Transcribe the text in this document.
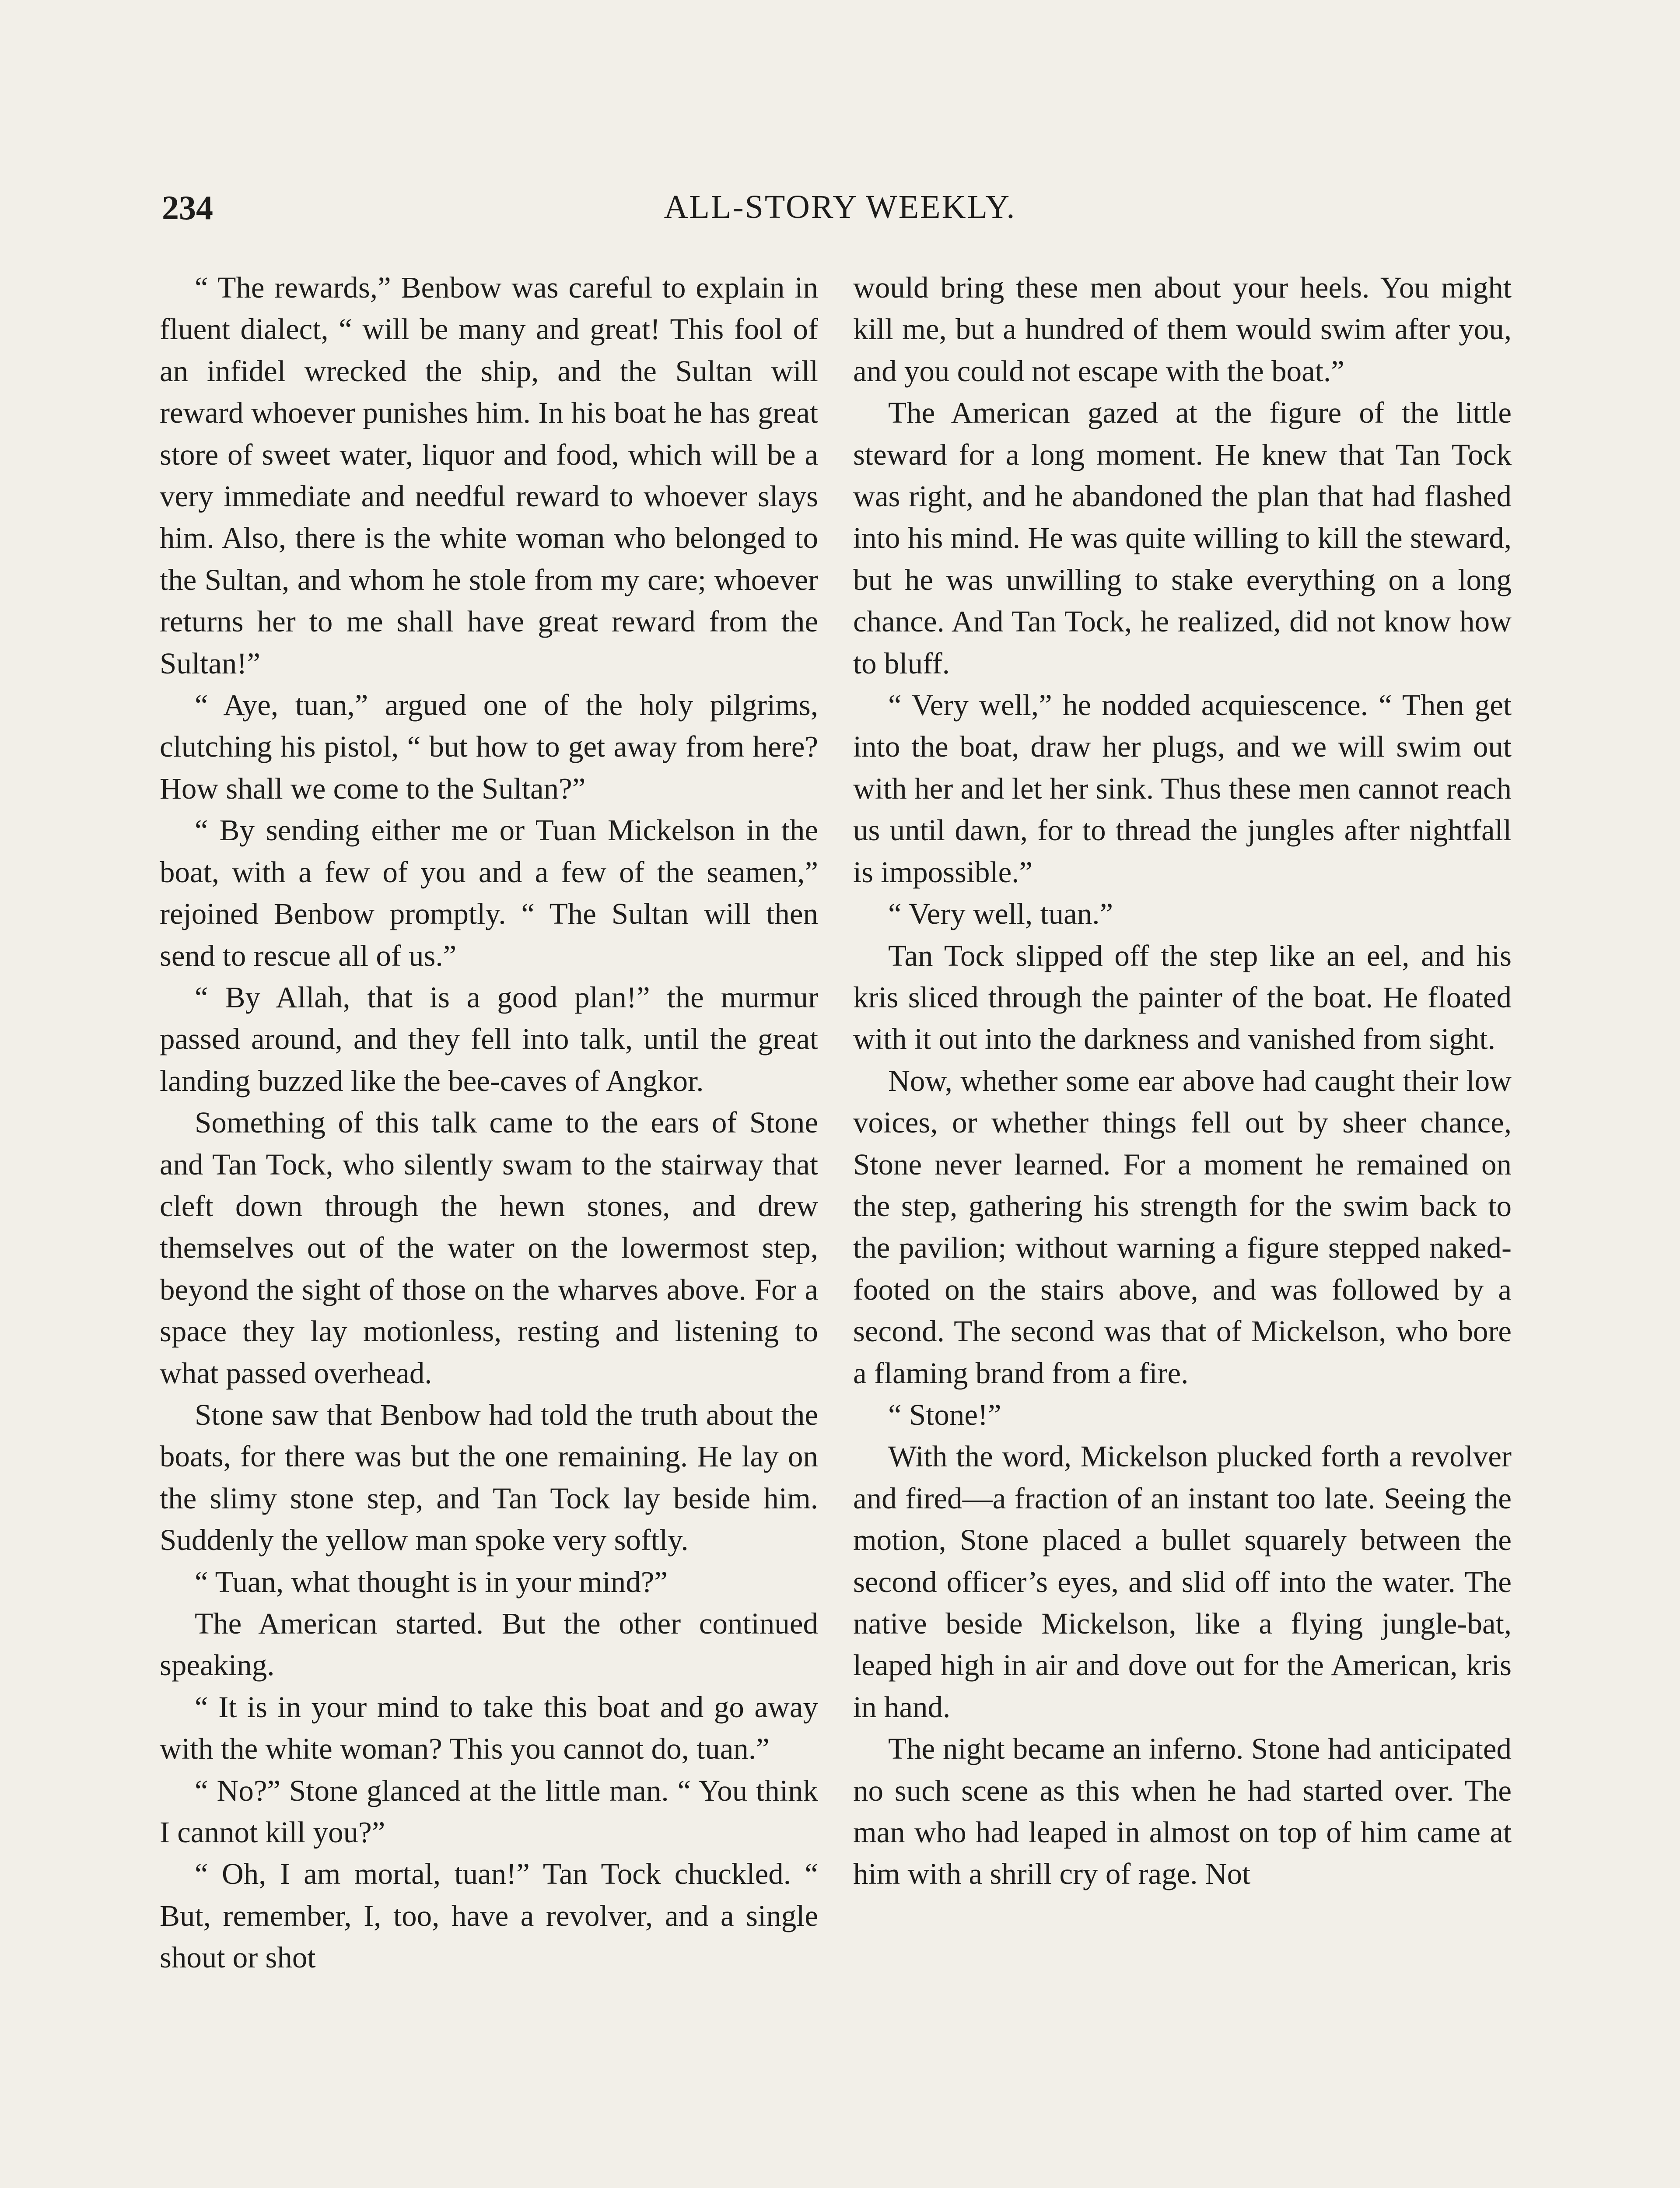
234	ALL-STORY WEEKLY.

“ The rewards,” Benbow was careful to explain in fluent dialect, “ will be many and great! This fool of an infidel wrecked the ship, and the Sultan will reward whoever punishes him. In his boat he has great store of sweet water, liquor and food, which will be a very immediate and needful reward to whoever slays him. Also, there is the white woman who belonged to the Sultan, and whom he stole from my care; whoever returns her to me shall have great reward from the Sultan!”

“ Aye, tuan,” argued one of the holy pilgrims, clutching his pistol, “ but how to get away from here? How shall we come to the Sultan?”

“ By sending either me or Tuan Mickelson in the boat, with a few of you and a few of the seamen,” rejoined Benbow promptly. “ The Sultan will then send to rescue all of us.”

“ By Allah, that is a good plan!” the murmur passed around, and they fell into talk, until the great landing buzzed like the bee-caves of Angkor.

Something of this talk came to the ears of Stone and Tan Tock, who silently swam to the stairway that cleft down through the hewn stones, and drew themselves out of the water on the lowermost step, beyond the sight of those on the wharves above. For a space they lay motionless, resting and listening to what passed overhead.

Stone saw that Benbow had told the truth about the boats, for there was but the one remaining. He lay on the slimy stone step, and Tan Tock lay beside him. Suddenly the yellow man spoke very softly.

“ Tuan, what thought is in your mind?”

The American started. But the other continued speaking.

“ It is in your mind to take this boat and go away with the white woman? This you cannot do, tuan.”

“ No?” Stone glanced at the little man. “ You think I cannot kill you?”

“ Oh, I am mortal, tuan!” Tan Tock chuckled. “ But, remember, I, too, have a revolver, and a single shout or shot

would bring these men about your heels. You might kill me, but a hundred of them would swim after you, and you could not escape with the boat.”

The American gazed at the figure of the little steward for a long moment. He knew that Tan Tock was right, and he abandoned the plan that had flashed into his mind. He was quite willing to kill the steward, but he was unwilling to stake everything on a long chance. And Tan Tock, he realized, did not know how to bluff.

“ Very well,” he nodded acquiescence. “ Then get into the boat, draw her plugs, and we will swim out with her and let her sink. Thus these men cannot reach us until dawn, for to thread the jungles after nightfall is impossible.”

“ Very well, tuan.”

Tan Tock slipped off the step like an eel, and his kris sliced through the painter of the boat. He floated with it out into the darkness and vanished from sight.

Now, whether some ear above had caught their low voices, or whether things fell out by sheer chance, Stone never learned. For a moment he remained on the step, gathering his strength for the swim back to the pavilion; without warning a figure stepped naked-footed on the stairs above, and was followed by a second. The second was that of Mickelson, who bore a flaming brand from a fire.

“ Stone!”

With the word, Mickelson plucked forth a revolver and fired—a fraction of an instant too late. Seeing the motion, Stone placed a bullet squarely between the second officer’s eyes, and slid off into the water. The native beside Mickelson, like a flying jungle-bat, leaped high in air and dove out for the American, kris in hand.

The night became an inferno. Stone had anticipated no such scene as this when he had started over. The man who had leaped in almost on top of him came at him with a shrill cry of rage. Not
